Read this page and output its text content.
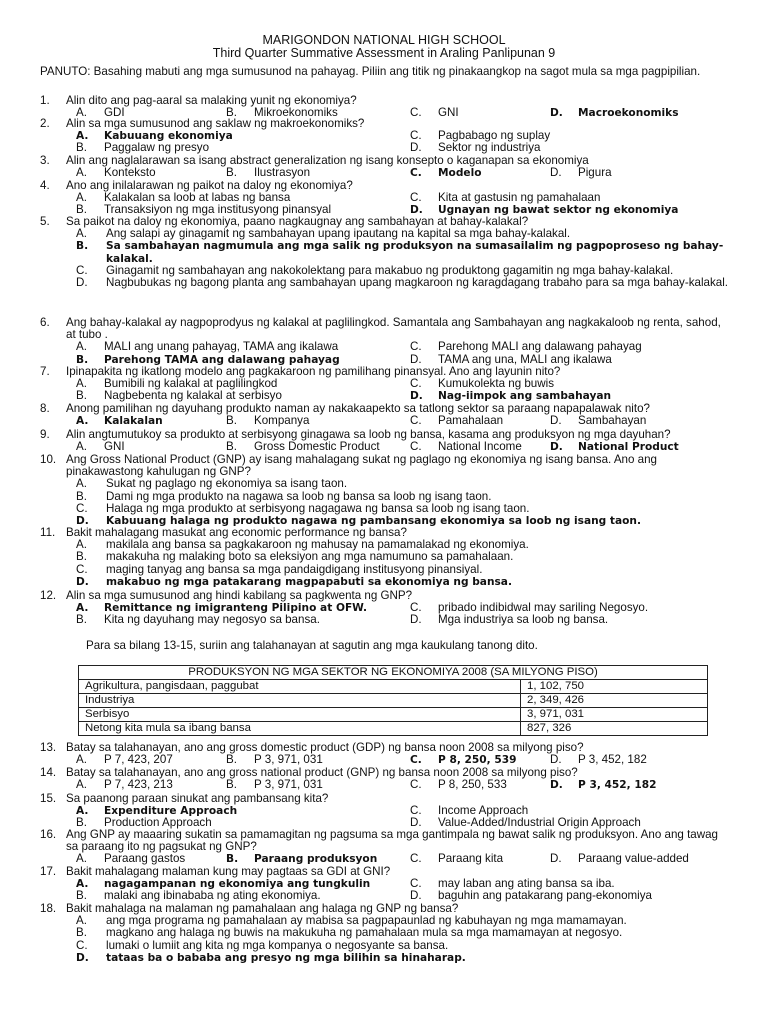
MARIGONDON NATIONAL HIGH SCHOOL
Third Quarter Summative Assessment in Araling Panlipunan 9
PANUTO: Basahing mabuti ang mga sumusunod na pahayag. Piliin ang titik ng pinakaangkop na sagot mula sa mga pagpipilian.
1. Alin dito ang pag-aaral sa malaking yunit ng ekonomiya?
A. GDI	B. Mikroekonomiks	C. GNI	D. Macroekonomiks
2. Alin sa mga sumusunod ang saklaw ng makroekonomiks?
A. Kabuuang ekonomiya	C. Pagbabago ng suplay
B. Paggalaw ng presyo	D. Sektor ng industriya
3. Alin ang naglalarawan sa isang abstract generalization ng isang konsepto o kaganapan sa ekonomiya
A. Konteksto	B. Ilustrasyon	C. Modelo	D. Pigura
4. Ano ang inilalarawan ng paikot na daloy ng ekonomiya?
A. Kalakalan sa loob at labas ng bansa	C. Kita at gastusin ng pamahalaan
B. Transaksiyon ng mga institusyong pinansyal	D. Ugnayan ng bawat sektor ng ekonomiya
5. Sa paikot na daloy ng ekonomiya, paano nagkaugnay ang sambahayan at bahay-kalakal?
A. Ang salapi ay ginagamit ng sambahayan upang ipautang na kapital sa mga bahay-kalakal.
B. Sa sambahayan nagmumula ang mga salik ng produksyon na sumasailalim ng pagpoproseso ng bahay-kalakal.
C. Ginagamit ng sambahayan ang nakokolektang para makabuo ng produktong gagamitin ng mga bahay-kalakal.
D. Nagbubukas ng bagong planta ang sambahayan upang magkaroon ng karagdagang trabaho para sa mga bahay-kalakal.
6. Ang bahay-kalakal ay nagpoprodyus ng kalakal at paglilingkod. Samantala ang Sambahayan ang nagkakaloob ng renta, sahod, at tubo .
A. MALI ang unang pahayag, TAMA ang ikalawa	C. Parehong MALI ang dalawang pahayag
B. Parehong TAMA ang dalawang pahayag	D. TAMA ang una, MALI ang ikalawa
7. Ipinapakita ng ikatlong modelo ang pagkakaroon ng pamilihang pinansyal. Ano ang layunin nito?
A. Bumibili ng kalakal at paglilingkod	C. Kumukolekta ng buwis
B. Nagbebenta ng kalakal at serbisyo	D. Nag-iimpok ang sambahayan
8. Anong pamilihan ng dayuhang produkto naman ay nakakaapekto sa tatlong sektor sa paraang napapalawak nito?
A. Kalakalan	B. Kompanya	C. Pamahalaan	D. Sambahayan
9. Alin angtumutukoy sa produkto at serbisyong ginagawa sa loob ng bansa, kasama ang produksyon ng mga dayuhan?
A. GNI	B. Gross Domestic Product	C. National Income	D. National Product
10. Ang Gross National Product (GNP) ay isang mahalagang sukat ng paglago ng ekonomiya ng isang bansa. Ano ang pinakawastong kahulugan ng GNP?
A. Sukat ng paglago ng ekonomiya sa isang taon.
B. Dami ng mga produkto na nagawa sa loob ng bansa sa loob ng isang taon.
C. Halaga ng mga produkto at serbisyong nagagawa ng bansa sa loob ng isang taon.
D. Kabuuang halaga ng produkto nagawa ng pambansang ekonomiya sa loob ng isang taon.
11. Bakit mahalagang masukat ang economic performance ng bansa?
A. makilala ang bansa sa pagkakaroon ng mahusay na pamamalakad ng ekonomiya.
B. makakuha ng malaking boto sa eleksiyon ang mga namumuno sa pamahalaan.
C. maging tanyag ang bansa sa mga pandaigdigang institusyong pinansiyal.
D. makabuo ng mga patakarang magpapabuti sa ekonomiya ng bansa.
12. Alin sa mga sumusunod ang hindi kabilang sa pagkwenta ng GNP?
A. Remittance ng imigranteng Pilipino at OFW.	C. pribado indibidwal may sariling Negosyo.
B. Kita ng dayuhang may negosyo sa bansa.	D. Mga industriya sa loob ng bansa.
Para sa bilang 13-15, suriin ang talahanayan at sagutin ang mga kaukulang tanong dito.
PRODUKSYON NG MGA SEKTOR NG EKONOMIYA 2008 (SA MILYONG PISO)	
Agrikultura, pangisdaan, paggubat	1, 102, 750
Industriya	2, 349, 426
Serbisyo	3, 971, 031
Netong kita mula sa ibang bansa	827, 326
13. Batay sa talahanayan, ano ang gross domestic product (GDP) ng bansa noon 2008 sa milyong piso?
A. P 7, 423, 207	B. P 3, 971, 031	C. P 8, 250, 539	D. P 3, 452, 182
14. Batay sa talahanayan, ano ang gross national product (GNP) ng bansa noon 2008 sa milyong piso?
A. P 7, 423, 213	B. P 3, 971, 031	C. P 8, 250, 533	D. P 3, 452, 182
15. Sa paanong paraan sinukat ang pambansang kita?
A. Expenditure Approach	C. Income Approach
B. Production Approach	D. Value-Added/Industrial Origin Approach
16. Ang GNP ay maaaring sukatin sa pamamagitan ng pagsuma sa mga gantimpala ng bawat salik ng produksyon. Ano ang tawag sa paraang ito ng pagsukat ng GNP?
A. Paraang gastos	B. Paraang produksyon	C. Paraang kita	D. Paraang value-added
17. Bakit mahalagang malaman kung may pagtaas sa GDI at GNI?
A. nagagampanan ng ekonomiya ang tungkulin	C. may laban ang ating bansa sa iba.
B. malaki ang ibinababa ng ating ekonomiya.	D. baguhin ang patakarang pang-ekonomiya
18. Bakit mahalaga na malaman ng pamahalaan ang halaga ng GNP ng bansa?
A. ang mga programa ng pamahalaan ay mabisa sa pagpapaunlad ng kabuhayan ng mga mamamayan.
B. magkano ang halaga ng buwis na makukuha ng pamahalaan mula sa mga mamamayan at negosyo.
C. lumaki o lumiit ang kita ng mga kompanya o negosyante sa bansa.
D. tataas ba o bababa ang presyo ng mga bilihin sa hinaharap.
